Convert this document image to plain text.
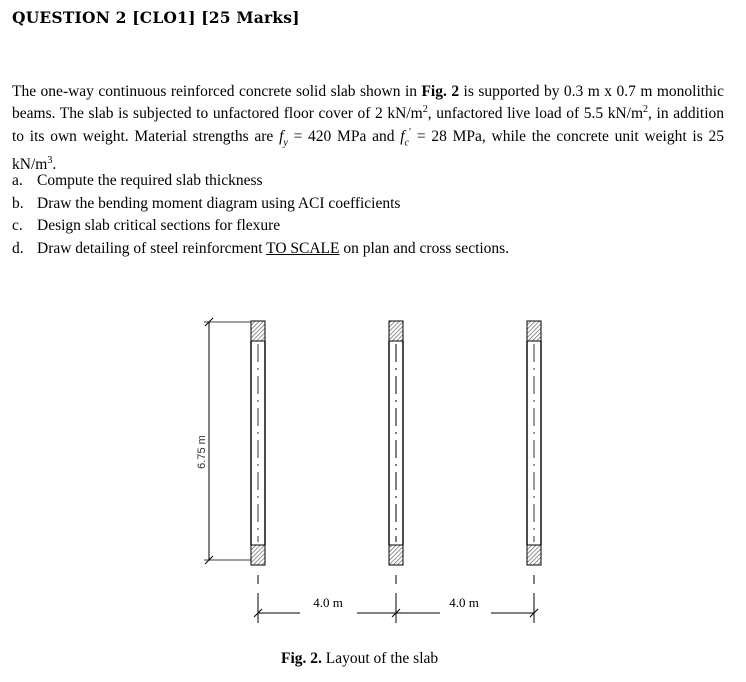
QUESTION 2 [CLO1] [25 Marks]

The one-way continuous reinforced concrete solid slab shown in Fig. 2 is supported by 0.3 m x 0.7 m monolithic beams. The slab is subjected to unfactored floor cover of 2 $kN/m^2$, unfactored live load of 5.5 $kN/m^2$, in addition to its own weight. Material strengths are $f_y = 420$ MPa and $f_c' = 28$ MPa, while the concrete unit weight is 25 $kN/m^3$.

a. Compute the required slab thickness
b. Draw the bending moment diagram using ACI coefficients
c. Design slab critical sections for flexure
d. Draw detailing of steel reinforcment TO SCALE on plan and cross sections.
6.75 m
4.0 m	4.0 m
Fig. 2. Layout of the slab
